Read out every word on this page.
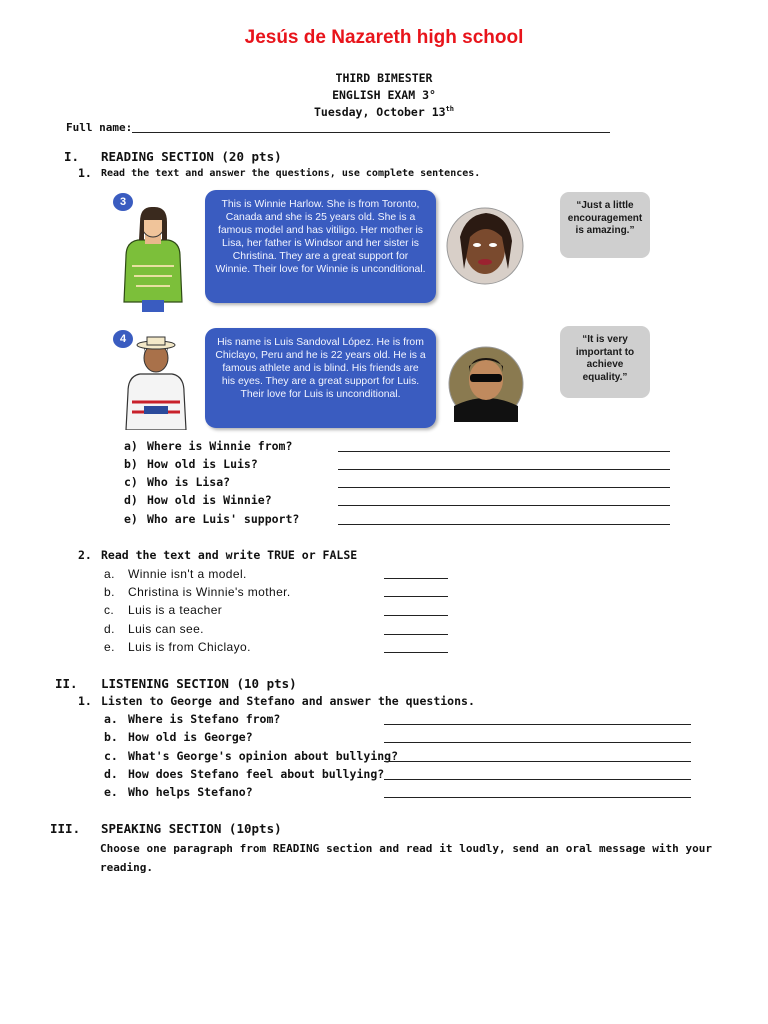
Jesús de Nazareth high school
THIRD BIMESTER
ENGLISH EXAM 3°
Tuesday, October 13th
Full name:
I. READING SECTION (20 pts)
1. Read the text and answer the questions, use complete sentences.
3	This is Winnie Harlow. She is from Toronto, Canada and she is 25 years old. She is a famous model and has vitiligo. Her mother is Lisa, her father is Windsor and her sister is Christina. They are a great support for Winnie. Their love for Winnie is unconditional.
“Just a little encouragement is amazing.”
4	His name is Luis Sandoval López. He is from Chiclayo, Peru and he is 22 years old. He is a famous athlete and is blind. His friends are his eyes. They are a great support for Luis. Their love for Luis is unconditional.
“It is very important to achieve equality.”
a) Where is Winnie from?
b) How old is Luis?
c) Who is Lisa?
d) How old is Winnie?
e) Who are Luis' support?
2. Read the text and write TRUE or FALSE
a. Winnie isn't a model.
b. Christina is Winnie's mother.
c. Luis is a teacher
d. Luis can see.
e. Luis is from Chiclayo.
II. LISTENING SECTION (10 pts)
1. Listen to George and Stefano and answer the questions.
a. Where is Stefano from?
b. How old is George?
c. What's George's opinion about bullying?
d. How does Stefano feel about bullying?
e. Who helps Stefano?
III. SPEAKING SECTION (10pts)
Choose one paragraph from READING section and read it loudly, send an oral message with your reading.
